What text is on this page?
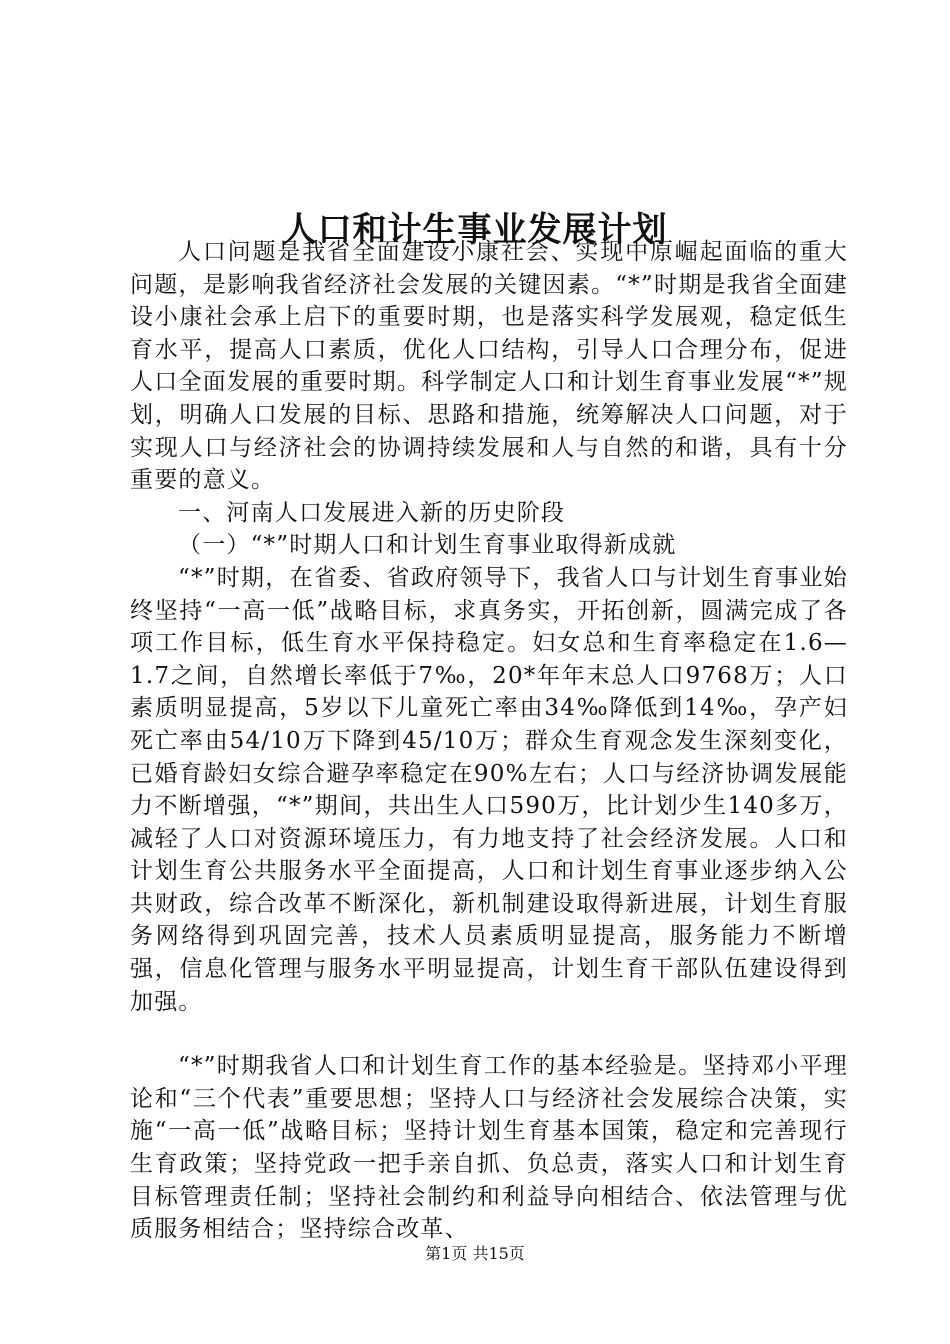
人口和计生事业发展计划

人口问题是我省全面建设小康社会、实现中原崛起面临的重大问题，是影响我省经济社会发展的关键因素。“*”时期是我省全面建设小康社会承上启下的重要时期，也是落实科学发展观，稳定低生育水平，提高人口素质，优化人口结构，引导人口合理分布，促进人口全面发展的重要时期。科学制定人口和计划生育事业发展“*”规划，明确人口发展的目标、思路和措施，统筹解决人口问题，对于实现人口与经济社会的协调持续发展和人与自然的和谐，具有十分重要的意义。

一、河南人口发展进入新的历史阶段

（一）“*”时期人口和计划生育事业取得新成就

“*”时期，在省委、省政府领导下，我省人口与计划生育事业始终坚持“一高一低”战略目标，求真务实，开拓创新，圆满完成了各项工作目标，低生育水平保持稳定。妇女总和生育率稳定在1.6—1.7之间，自然增长率低于7‰，20*年年末总人口9768万；人口素质明显提高，5岁以下儿童死亡率由34‰降低到14‰，孕产妇死亡率由54/10万下降到45/10万；群众生育观念发生深刻变化，已婚育龄妇女综合避孕率稳定在90%左右；人口与经济协调发展能力不断增强，“*”期间，共出生人口590万，比计划少生140多万，减轻了人口对资源环境压力，有力地支持了社会经济发展。人口和计划生育公共服务水平全面提高，人口和计划生育事业逐步纳入公共财政，综合改革不断深化，新机制建设取得新进展，计划生育服务网络得到巩固完善，技术人员素质明显提高，服务能力不断增强，信息化管理与服务水平明显提高，计划生育干部队伍建设得到加强。

“*”时期我省人口和计划生育工作的基本经验是。坚持邓小平理论和“三个代表”重要思想；坚持人口与经济社会发展综合决策，实施“一高一低”战略目标；坚持计划生育基本国策，稳定和完善现行生育政策；坚持党政一把手亲自抓、负总责，落实人口和计划生育目标管理责任制；坚持社会制约和利益导向相结合、依法管理与优质服务相结合；坚持综合改革、

第1页 共15页
